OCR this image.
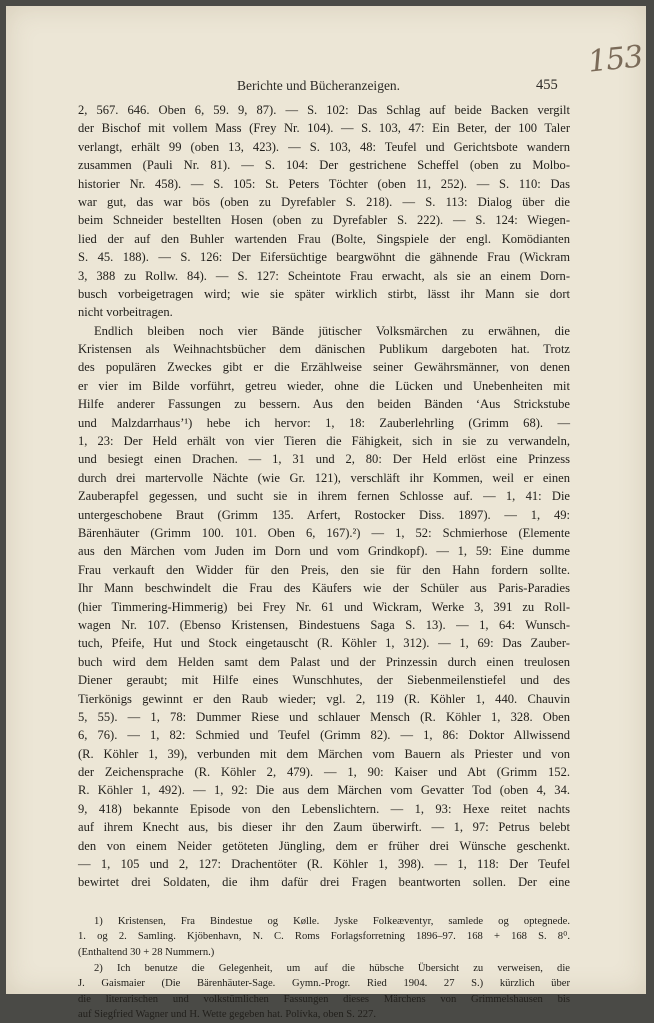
153
Berichte und Bücheranzeigen.	455
2, 567. 646. Oben 6, 59. 9, 87). — S. 102: Das Schlag auf beide Backen vergilt
der Bischof mit vollem Mass (Frey Nr. 104). — S. 103, 47: Ein Beter, der 100 Taler
verlangt, erhält 99 (oben 13, 423). — S. 103, 48: Teufel und Gerichtsbote wandern
zusammen (Pauli Nr. 81). — S. 104: Der gestrichene Scheffel (oben zu Molbo-
historier Nr. 458). — S. 105: St. Peters Töchter (oben 11, 252). — S. 110: Das
war gut, das war bös (oben zu Dyrefabler S. 218). — S. 113: Dialog über die
beim Schneider bestellten Hosen (oben zu Dyrefabler S. 222). — S. 124: Wiegen-
lied der auf den Buhler wartenden Frau (Bolte, Singspiele der engl. Komödianten
S. 45. 188). — S. 126: Der Eifersüchtige beargwöhnt die gähnende Frau (Wickram
3, 388 zu Rollw. 84). — S. 127: Scheintote Frau erwacht, als sie an einem Dorn-
busch vorbeigetragen wird; wie sie später wirklich stirbt, lässt ihr Mann sie dort
nicht vorbeitragen.
Endlich bleiben noch vier Bände jütischer Volksmärchen zu erwähnen, die
Kristensen als Weihnachtsbücher dem dänischen Publikum dargeboten hat. Trotz
des populären Zweckes gibt er die Erzählweise seiner Gewährsmänner, von denen
er vier im Bilde vorführt, getreu wieder, ohne die Lücken und Unebenheiten mit
Hilfe anderer Fassungen zu bessern. Aus den beiden Bänden ‘Aus Strickstube
und Malzdarrhaus’¹) hebe ich hervor: 1, 18: Zauberlehrling (Grimm 68). —
1, 23: Der Held erhält von vier Tieren die Fähigkeit, sich in sie zu verwandeln,
und besiegt einen Drachen. — 1, 31 und 2, 80: Der Held erlöst eine Prinzess
durch drei martervolle Nächte (wie Gr. 121), verschläft ihr Kommen, weil er einen
Zauberapfel gegessen, und sucht sie in ihrem fernen Schlosse auf. — 1, 41: Die
untergeschobene Braut (Grimm 135. Arfert, Rostocker Diss. 1897). — 1, 49:
Bärenhäuter (Grimm 100. 101. Oben 6, 167).²) — 1, 52: Schmierhose (Elemente
aus den Märchen vom Juden im Dorn und vom Grindkopf). — 1, 59: Eine dumme
Frau verkauft den Widder für den Preis, den sie für den Hahn fordern sollte.
Ihr Mann beschwindelt die Frau des Käufers wie der Schüler aus Paris-Paradies
(hier Timmering-Himmerig) bei Frey Nr. 61 und Wickram, Werke 3, 391 zu Roll-
wagen Nr. 107. (Ebenso Kristensen, Bindestuens Saga S. 13). — 1, 64: Wunsch-
tuch, Pfeife, Hut und Stock eingetauscht (R. Köhler 1, 312). — 1, 69: Das Zauber-
buch wird dem Helden samt dem Palast und der Prinzessin durch einen treulosen
Diener geraubt; mit Hilfe eines Wunschhutes, der Siebenmeilenstiefel und des
Tierkönigs gewinnt er den Raub wieder; vgl. 2, 119 (R. Köhler 1, 440. Chauvin
5, 55). — 1, 78: Dummer Riese und schlauer Mensch (R. Köhler 1, 328. Oben
6, 76). — 1, 82: Schmied und Teufel (Grimm 82). — 1, 86: Doktor Allwissend
(R. Köhler 1, 39), verbunden mit dem Märchen vom Bauern als Priester und von
der Zeichensprache (R. Köhler 2, 479). — 1, 90: Kaiser und Abt (Grimm 152.
R. Köhler 1, 492). — 1, 92: Die aus dem Märchen vom Gevatter Tod (oben 4, 34.
9, 418) bekannte Episode von den Lebenslichtern. — 1, 93: Hexe reitet nachts
auf ihrem Knecht aus, bis dieser ihr den Zaum überwirft. — 1, 97: Petrus belebt
den von einem Neider getöteten Jüngling, dem er früher drei Wünsche geschenkt.
— 1, 105 und 2, 127: Drachentöter (R. Köhler 1, 398). — 1, 118: Der Teufel
bewirtet drei Soldaten, die ihm dafür drei Fragen beantworten sollen. Der eine
1) Kristensen, Fra Bindestue og Kølle. Jyske Folkeæventyr, samlede og optegnede.
1. og 2. Samling. Kjöbenhavn, N. C. Roms Forlagsforretning 1896–97. 168 + 168 S. 8⁰.
(Enthaltend 30 + 28 Nummern.)
2) Ich benutze die Gelegenheit, um auf die hübsche Übersicht zu verweisen, die
J. Gaismaier (Die Bärenhäuter-Sage. Gymn.-Progr. Ried 1904. 27 S.) kürzlich über
die literarischen und volkstümlichen Fassungen dieses Märchens von Grimmelshausen bis
auf Siegfried Wagner und H. Wette gegeben hat. Polívka, oben S. 227.
